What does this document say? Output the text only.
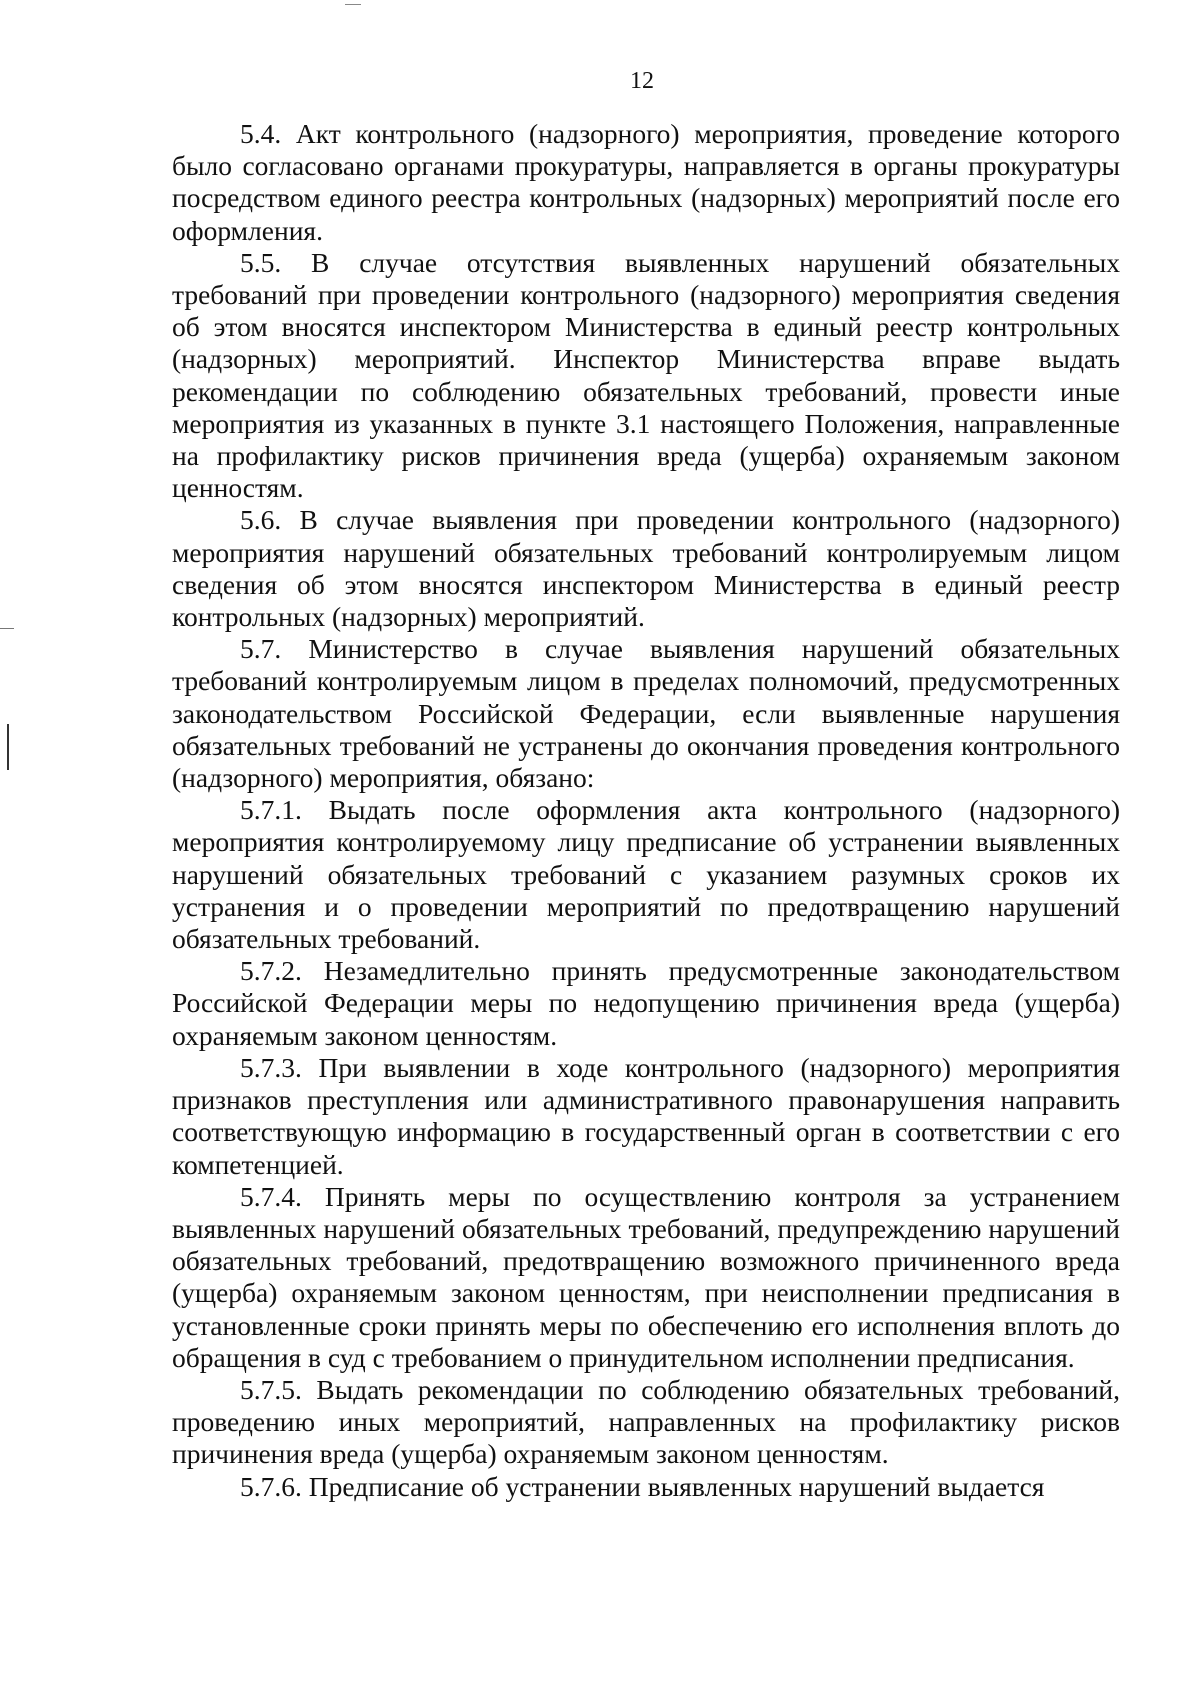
12

5.4. Акт контрольного (надзорного) мероприятия, проведение которого было согласовано органами прокуратуры, направляется в органы прокуратуры посредством единого реестра контрольных (надзорных) мероприятий после его оформления.

5.5. В случае отсутствия выявленных нарушений обязательных требований при проведении контрольного (надзорного) мероприятия сведения об этом вносятся инспектором Министерства в единый реестр контрольных (надзорных) мероприятий. Инспектор Министерства вправе выдать рекомендации по соблюдению обязательных требований, провести иные мероприятия из указанных в пункте 3.1 настоящего Положения, направленные на профилактику рисков причинения вреда (ущерба) охраняемым законом ценностям.

5.6. В случае выявления при проведении контрольного (надзорного) мероприятия нарушений обязательных требований контролируемым лицом сведения об этом вносятся инспектором Министерства в единый реестр контрольных (надзорных) мероприятий.

5.7. Министерство в случае выявления нарушений обязательных требований контролируемым лицом в пределах полномочий, предусмотренных законодательством Российской Федерации, если выявленные нарушения обязательных требований не устранены до окончания проведения контрольного (надзорного) мероприятия, обязано:

5.7.1. Выдать после оформления акта контрольного (надзорного) мероприятия контролируемому лицу предписание об устранении выявленных нарушений обязательных требований с указанием разумных сроков их устранения и о проведении мероприятий по предотвращению нарушений обязательных требований.

5.7.2. Незамедлительно принять предусмотренные законодательством Российской Федерации меры по недопущению причинения вреда (ущерба) охраняемым законом ценностям.

5.7.3. При выявлении в ходе контрольного (надзорного) мероприятия признаков преступления или административного правонарушения направить соответствующую информацию в государственный орган в соответствии с его компетенцией.

5.7.4. Принять меры по осуществлению контроля за устранением выявленных нарушений обязательных требований, предупреждению нарушений обязательных требований, предотвращению возможного причиненного вреда (ущерба) охраняемым законом ценностям, при неисполнении предписания в установленные сроки принять меры по обеспечению его исполнения вплоть до обращения в суд с требованием о принудительном исполнении предписания.

5.7.5. Выдать рекомендации по соблюдению обязательных требований, проведению иных мероприятий, направленных на профилактику рисков причинения вреда (ущерба) охраняемым законом ценностям.

5.7.6. Предписание об устранении выявленных нарушений выдается
